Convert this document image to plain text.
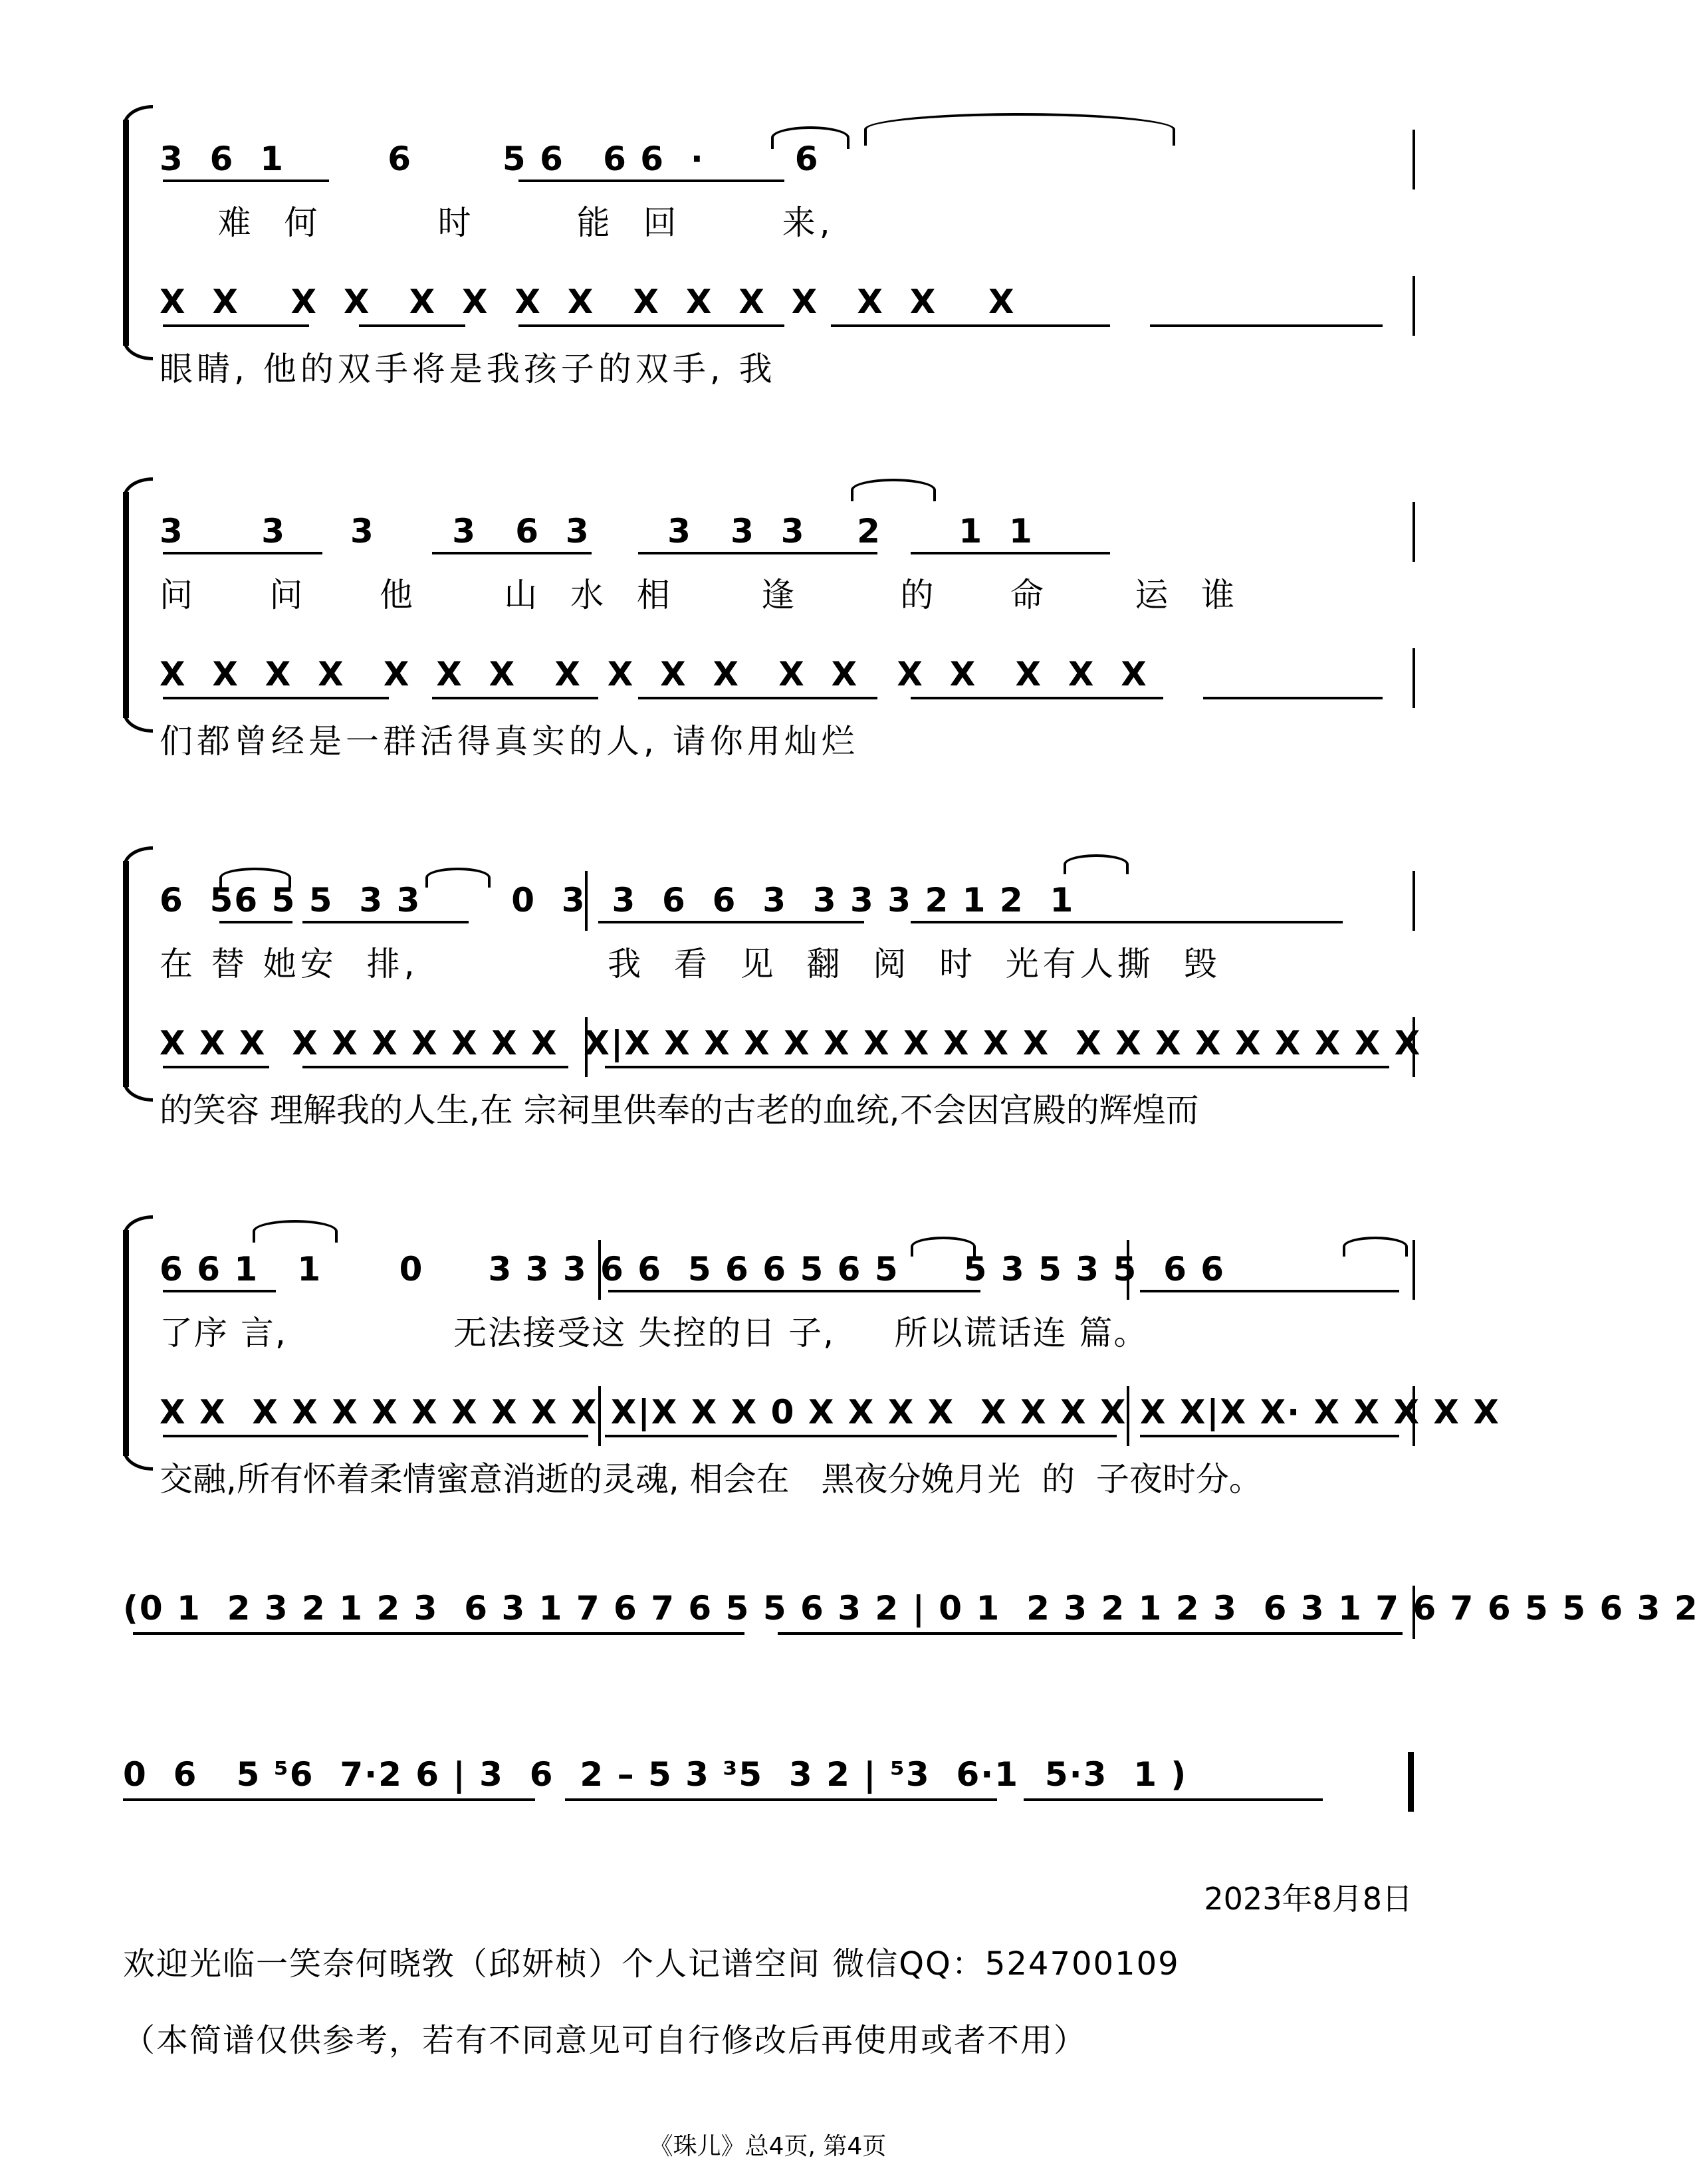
3  6  1        6       5 6   6 6  ·       6
难  何        时       能  回       来,
X  X    X  X   X  X  X  X   X  X  X  X   X  X    X
眼睛, 他的双手将是我孩子的双手, 我
3      3     3      3   6  3      3   3  3    2      1  1
问     问     他      山  水  相      逢       的     命      运  谁
X  X  X  X   X  X  X   X  X  X  X   X  X   X  X   X  X  X
们都曾经是一群活得真实的人, 请你用灿烂
6  56 5 5  3 3       0  3  3  6  6  3  3 3 3 2 1 2  1
在 替 她安  排,             我  看  见  翻  阅  时  光有人撕  毁
X X X  X X X X X X X  X|X X X X X X X X X X X  X X X X X X X X X
的笑容 理解我的人生,在 宗祠里供奉的古老的血统,不会因宫殿的辉煌而
6 6 1   1      0     3 3 3 6 6  5 6 6 5 6 5     5 3 5 3 5  6 6
了序 言,              无法接受这 失控的日 子,     所以谎话连 篇。
X X  X X X X X X X X X X|X X X 0 X X X X  X X X X X X|X X· X X X X X
交融,所有怀着柔情蜜意消逝的灵魂, 相会在   黑夜分娩月光  的  子夜时分。
(0 1  2 3 2 1 2 3  6 3 1 7 6 7 6 5 5 6 3 2 | 0 1  2 3 2 1 2 3  6 3 1 7 6 7 6 5 5 6 3 2
0  6   5 ⁵6  7·2 6 | 3  6  2 – 5 3 ³5  3 2 | ⁵3  6·1  5·3  1 )
2023年8月8日
欢迎光临一笑奈何晓敩（邱妍桢）个人记谱空间 微信QQ：524700109
（本简谱仅供参考，若有不同意见可自行修改后再使用或者不用）
《珠儿》总4页, 第4页
